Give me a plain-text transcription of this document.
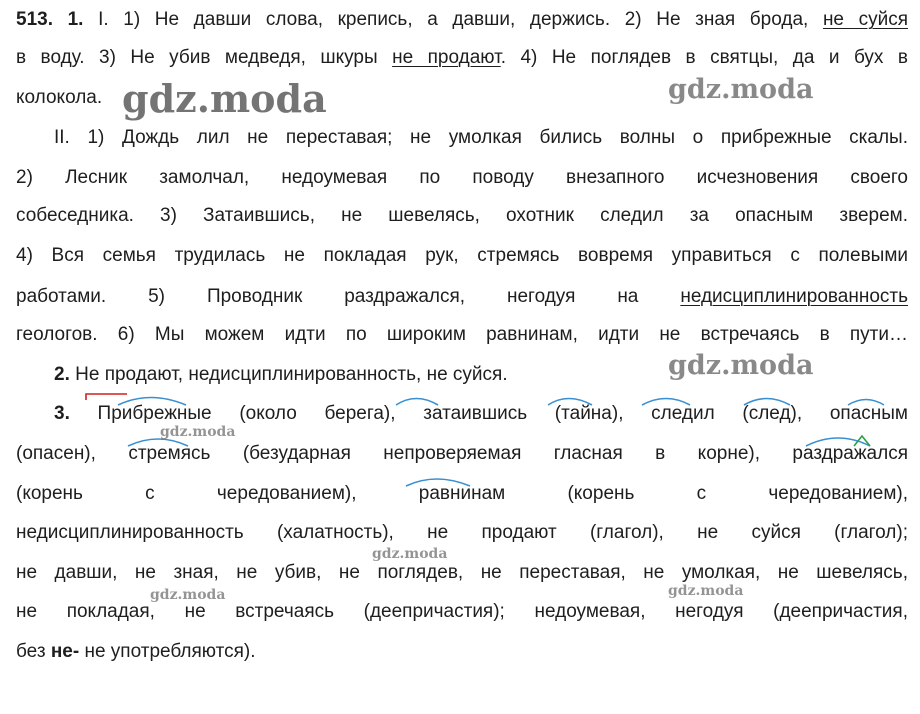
513. 1. I. 1) Не давши слова, крепись, а давши, держись. 2) Не зная брода, не суйся
в воду. 3) Не убив медведя, шкуры не продают. 4) Не поглядев в святцы, да и бух в
колокола.
II. 1) Дождь лил не переставая; не умолкая бились волны о прибрежные скалы.
2) Лесник замолчал, недоумевая по поводу внезапного исчезновения своего
собеседника. 3) Затаившись, не шевелясь, охотник следил за опасным зверем.
4) Вся семья трудилась не покладая рук, стремясь вовремя управиться с полевыми
работами. 5) Проводник раздражался, негодуя на недисциплинированность
геологов. 6) Мы можем идти по широким равнинам, идти не встречаясь в пути…
2. Не продают, недисциплинированность, не суйся.
3. Прибрежные (около берега), затаившись (тайна), следил (след), опасным
(опасен), стремясь (безударная непроверяемая гласная в корне), раздражался
(корень с чередованием), равнинам (корень с чередованием),
недисциплинированность (халатность), не продают (глагол), не суйся (глагол);
не давши, не зная, не убив, не поглядев, не переставая, не умолкая, не шевелясь,
не покладая, не встречаясь (деепричастия); недоумевая, негодуя (деепричастия,
без не- не употребляются).
gdz.moda	gdz.moda
gdz.moda
gdz.moda
gdz.moda
gdz.moda	gdz.moda
